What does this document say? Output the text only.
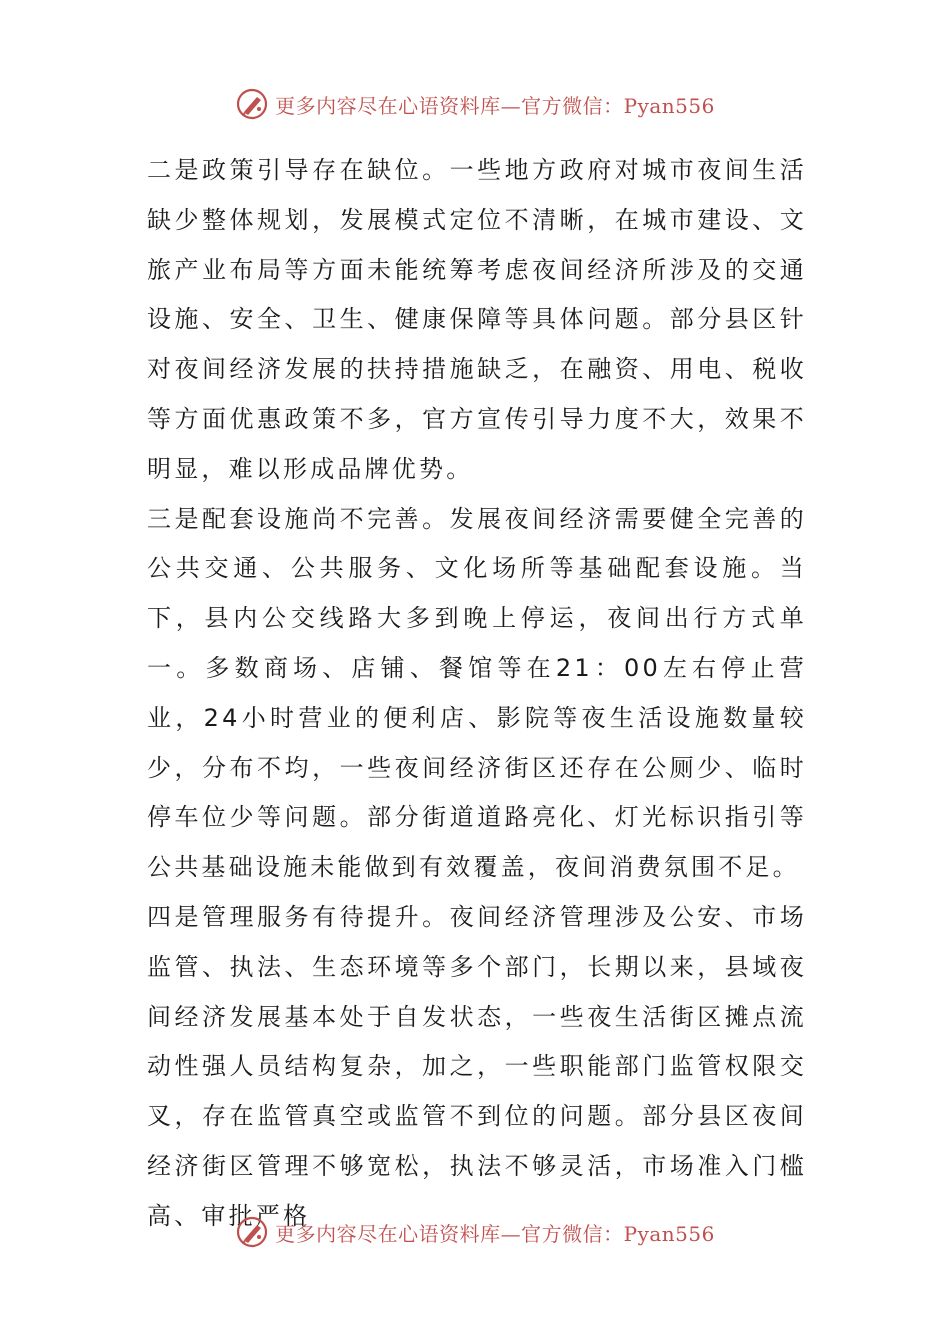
更多内容尽在心语资料库—官方微信：Pyan556

二是政策引导存在缺位。一些地方政府对城市夜间生活缺少整体规划，发展模式定位不清晰，在城市建设、文旅产业布局等方面未能统筹考虑夜间经济所涉及的交通设施、安全、卫生、健康保障等具体问题。部分县区针对夜间经济发展的扶持措施缺乏，在融资、用电、税收等方面优惠政策不多，官方宣传引导力度不大，效果不明显，难以形成品牌优势。

三是配套设施尚不完善。发展夜间经济需要健全完善的公共交通、公共服务、文化场所等基础配套设施。当下，县内公交线路大多到晚上停运，夜间出行方式单一。多数商场、店铺、餐馆等在21：00左右停止营业，24小时营业的便利店、影院等夜生活设施数量较少，分布不均，一些夜间经济街区还存在公厕少、临时停车位少等问题。部分街道道路亮化、灯光标识指引等公共基础设施未能做到有效覆盖，夜间消费氛围不足。

四是管理服务有待提升。夜间经济管理涉及公安、市场监管、执法、生态环境等多个部门，长期以来，县域夜间经济发展基本处于自发状态，一些夜生活街区摊点流动性强人员结构复杂，加之，一些职能部门监管权限交叉，存在监管真空或监管不到位的问题。部分县区夜间经济街区管理不够宽松，执法不够灵活，市场准入门槛高、审批严格

更多内容尽在心语资料库—官方微信：Pyan556
